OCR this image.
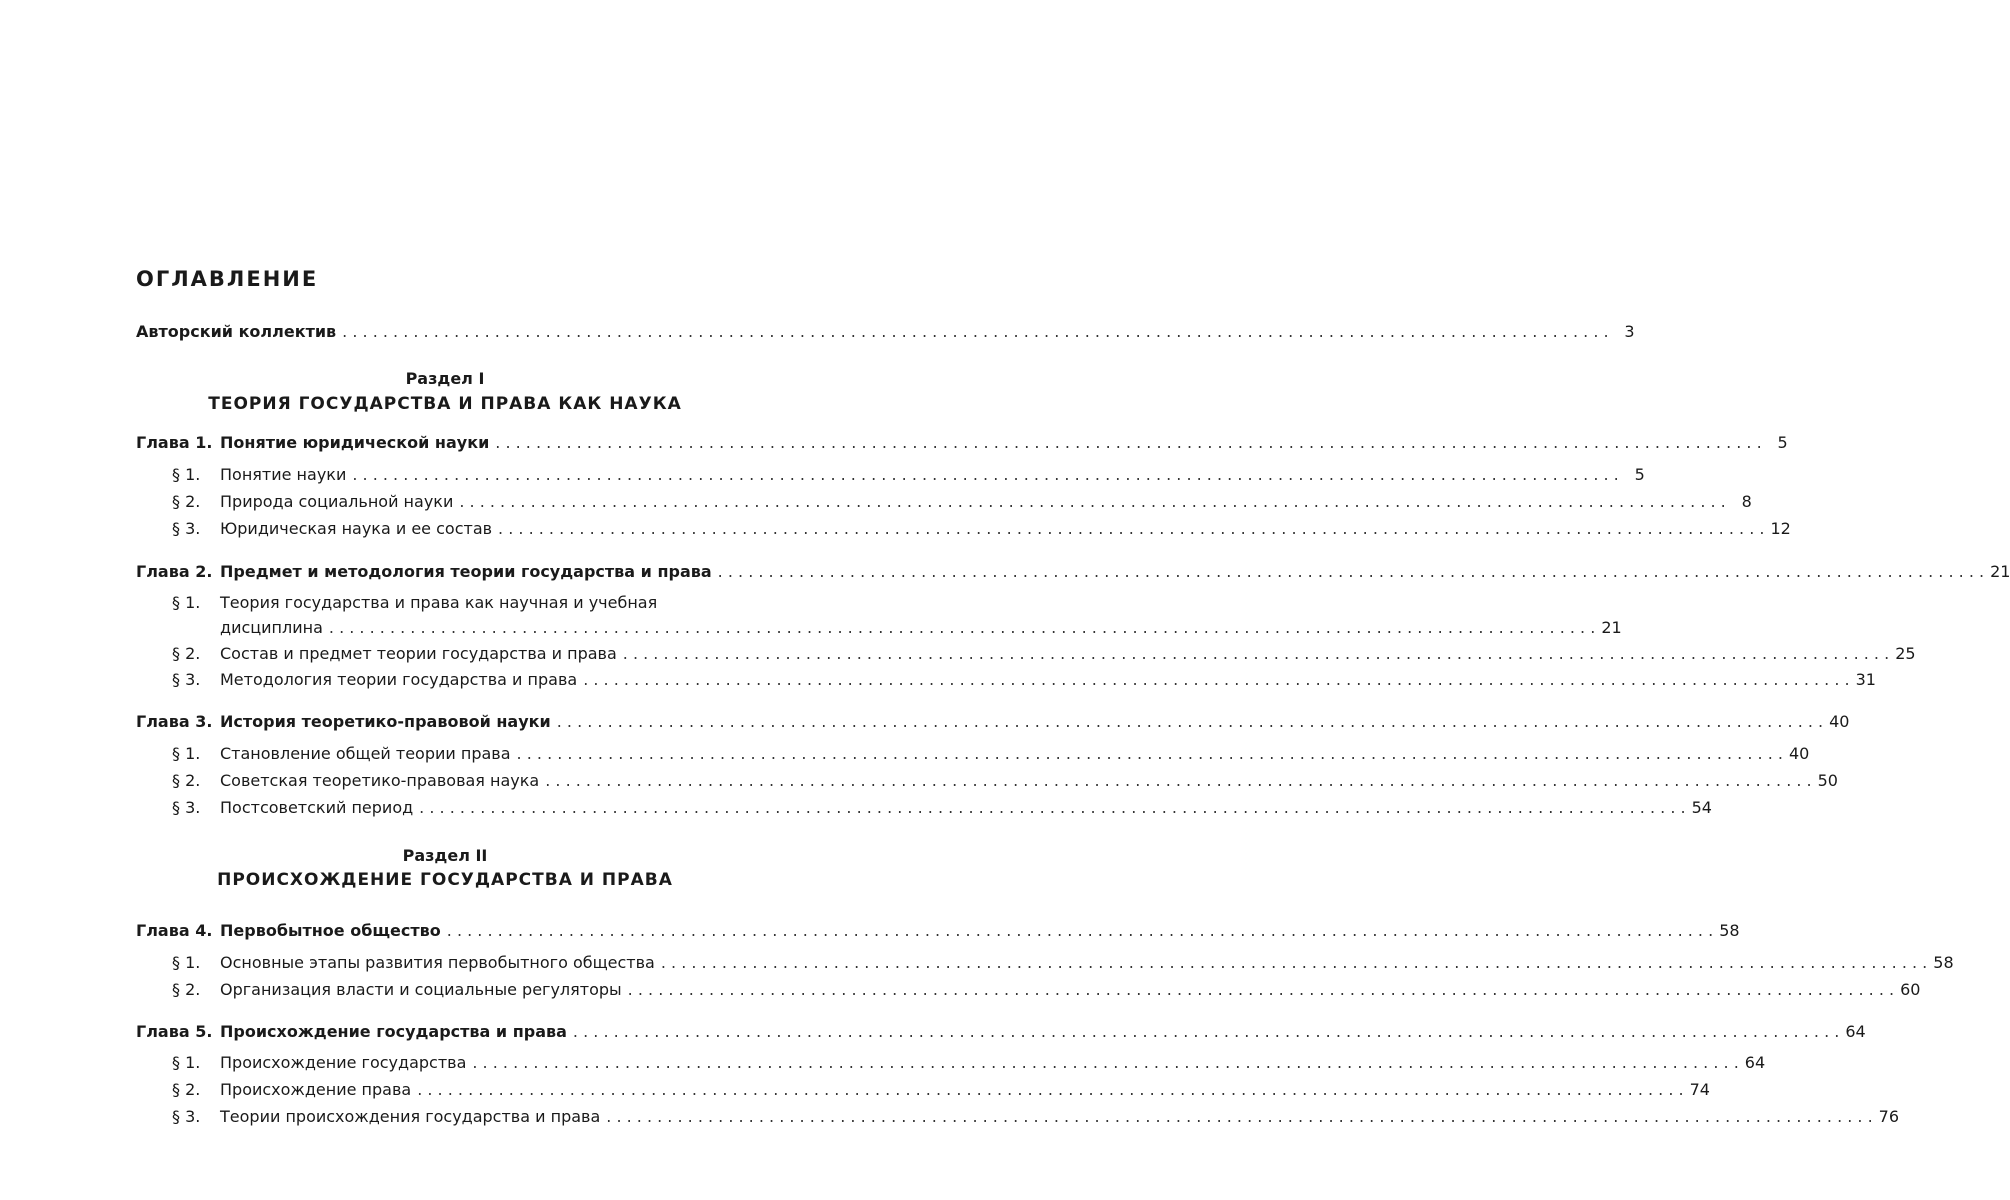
ОГЛАВЛЕНИЕ
Авторский коллектив . . .	3
Раздел I
ТЕОРИЯ ГОСУДАРСТВА И ПРАВА КАК НАУКА
Глава 1. Понятие юридической науки . . .	5
§ 1.	Понятие науки . . .	5
§ 2.	Природа социальной науки . . .	8
§ 3.	Юридическая наука и ее состав . . .	12
Глава 2. Предмет и методология теории государства и права . . .	21
§ 1.	Теория государства и права как научная и учебная
дисциплина . . .	21
§ 2.	Состав и предмет теории государства и права . . .	25
§ 3.	Методология теории государства и права . . .	31
Глава 3. История теоретико-правовой науки . . .	40
§ 1.	Становление общей теории права . . .	40
§ 2.	Советская теоретико-правовая наука . . .	50
§ 3.	Постсоветский период . . .	54
Раздел II
ПРОИСХОЖДЕНИЕ ГОСУДАРСТВА И ПРАВА
Глава 4. Первобытное общество . . .	58
§ 1.	Основные этапы развития первобытного общества . . .	58
§ 2.	Организация власти и социальные регуляторы . . .	60
Глава 5. Происхождение государства и права . . .	64
§ 1.	Происхождение государства . . .	64
§ 2.	Происхождение права . . .	74
§ 3.	Теории происхождения государства и права . . .	76
